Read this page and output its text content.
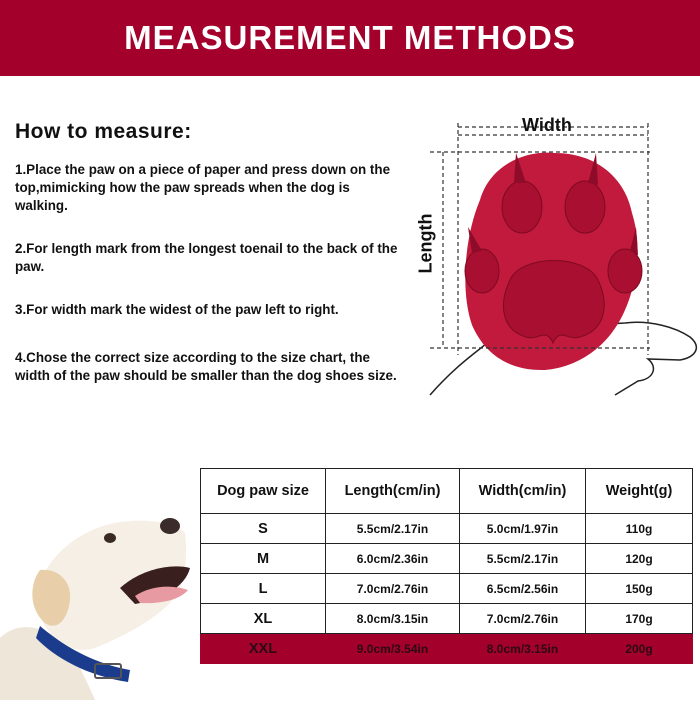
MEASUREMENT METHODS
How to measure:
1.Place the paw on a piece of paper and press down on the top,mimicking how the paw spreads when the dog is walking.
2.For length mark from the longest toenail to the back of the paw.
3.For width mark the widest of the paw left to right.
4.Chose the correct size according to the size chart, the width of the paw should be smaller than the dog shoes size.
Width
Length
Dog paw size	Length(cm/in)	Width(cm/in)	Weight(g)
S	5.5cm/2.17in	5.0cm/1.97in	110g
M	6.0cm/2.36in	5.5cm/2.17in	120g
L	7.0cm/2.76in	6.5cm/2.56in	150g
XL	8.0cm/3.15in	7.0cm/2.76in	170g
XXL	9.0cm/3.54in	8.0cm/3.15in	200g
